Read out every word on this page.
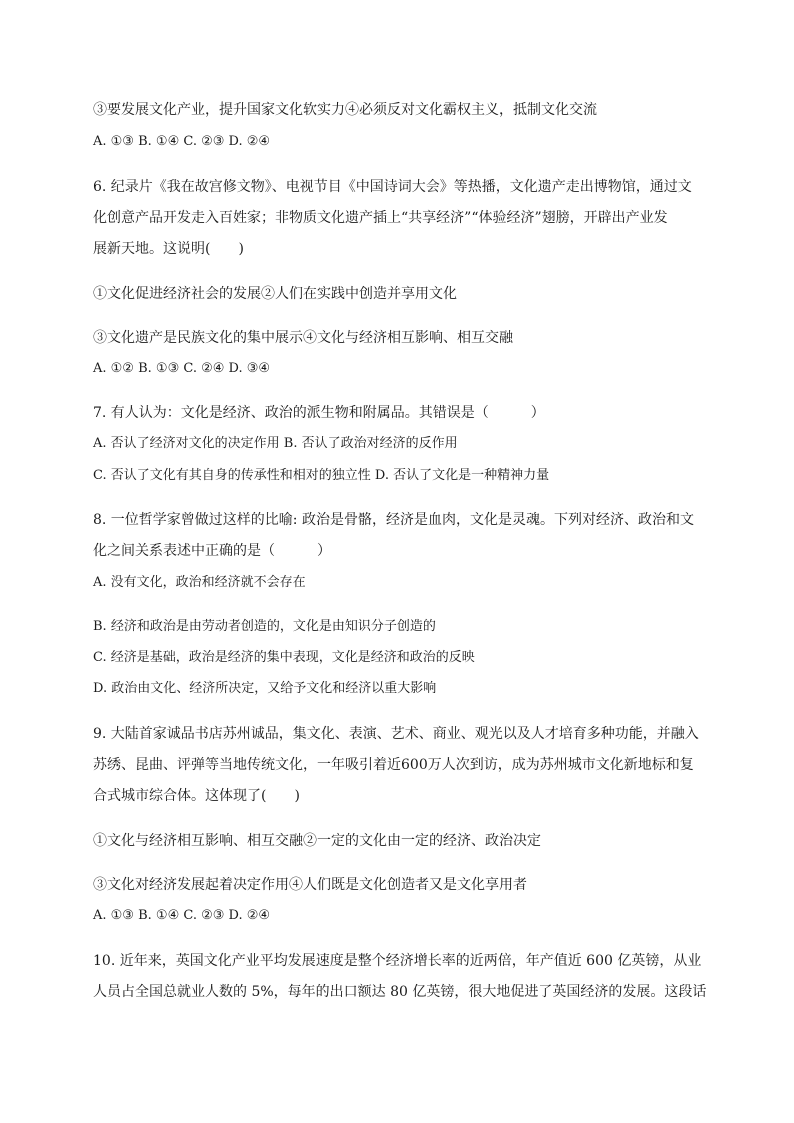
③要发展文化产业，提升国家文化软实力④必须反对文化霸权主义，抵制文化交流
A. ①③ B. ①④ C. ②③ D. ②④
6. 纪录片《我在故宫修文物》、电视节目《中国诗词大会》等热播，文化遗产走出博物馆，通过文
化创意产品开发走入百姓家；非物质文化遗产插上“共享经济”“体验经济”翅膀，开辟出产业发
展新天地。这说明(　　)
①文化促进经济社会的发展②人们在实践中创造并享用文化
③文化遗产是民族文化的集中展示④文化与经济相互影响、相互交融
A. ①② B. ①③ C. ②④ D. ③④
7. 有人认为：文化是经济、政治的派生物和附属品。其错误是（　　　）
A. 否认了经济对文化的决定作用 B. 否认了政治对经济的反作用
C. 否认了文化有其自身的传承性和相对的独立性 D. 否认了文化是一种精神力量
8. 一位哲学家曾做过这样的比喻: 政治是骨骼，经济是血肉，文化是灵魂。下列对经济、政治和文
化之间关系表述中正确的是（　　　）
A. 没有文化，政治和经济就不会存在
B. 经济和政治是由劳动者创造的，文化是由知识分子创造的
C. 经济是基础，政治是经济的集中表现，文化是经济和政治的反映
D. 政治由文化、经济所决定，又给予文化和经济以重大影响
9. 大陆首家诚品书店苏州诚品，集文化、表演、艺术、商业、观光以及人才培育多种功能，并融入
苏绣、昆曲、评弹等当地传统文化，一年吸引着近600万人次到访，成为苏州城市文化新地标和复
合式城市综合体。这体现了(　　)
①文化与经济相互影响、相互交融②一定的文化由一定的经济、政治决定
③文化对经济发展起着决定作用④人们既是文化创造者又是文化享用者
A. ①③ B. ①④ C. ②③ D. ②④
10. 近年来，英国文化产业平均发展速度是整个经济增长率的近两倍，年产值近 600 亿英镑，从业
人员占全国总就业人数的 5%，每年的出口额达 80 亿英镑，很大地促进了英国经济的发展。这段话
